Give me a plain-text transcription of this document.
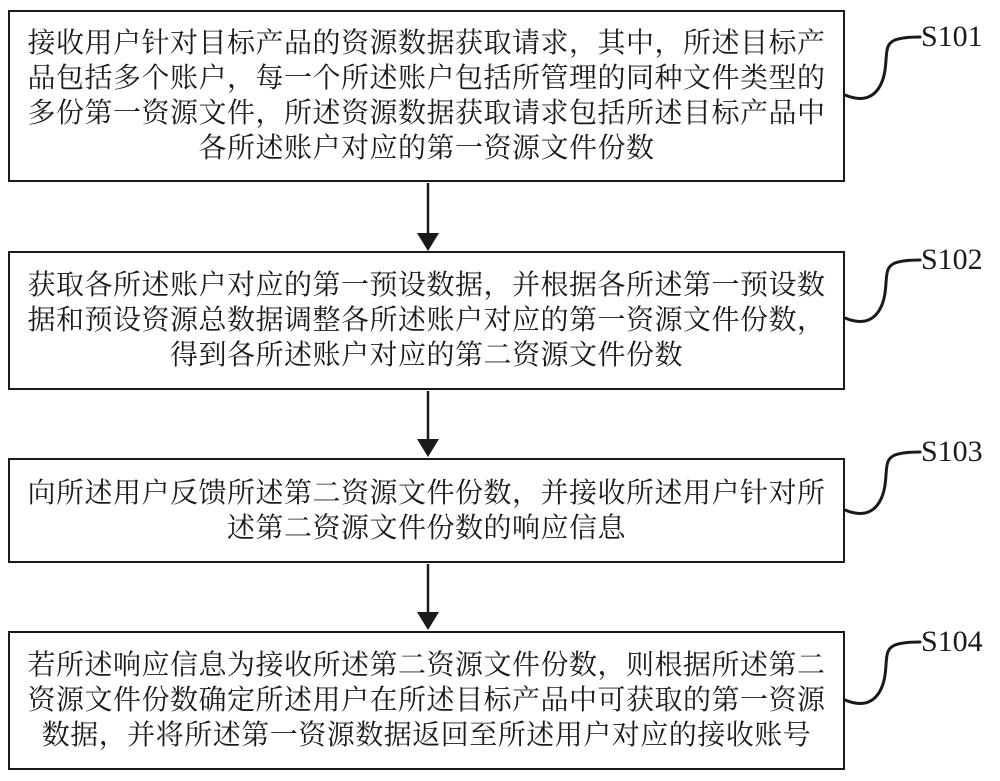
接收用户针对目标产品的资源数据获取请求，其中，所述目标产
品包括多个账户，每一个所述账户包括所管理的同种文件类型的
多份第一资源文件，所述资源数据获取请求包括所述目标产品中
各所述账户对应的第一资源文件份数
获取各所述账户对应的第一预设数据，并根据各所述第一预设数
据和预设资源总数据调整各所述账户对应的第一资源文件份数，
得到各所述账户对应的第二资源文件份数
向所述用户反馈所述第二资源文件份数，并接收所述用户针对所
述第二资源文件份数的响应信息
若所述响应信息为接收所述第二资源文件份数，则根据所述第二
资源文件份数确定所述用户在所述目标产品中可获取的第一资源
数据，并将所述第一资源数据返回至所述用户对应的接收账号
S101
S102
S103
S104
